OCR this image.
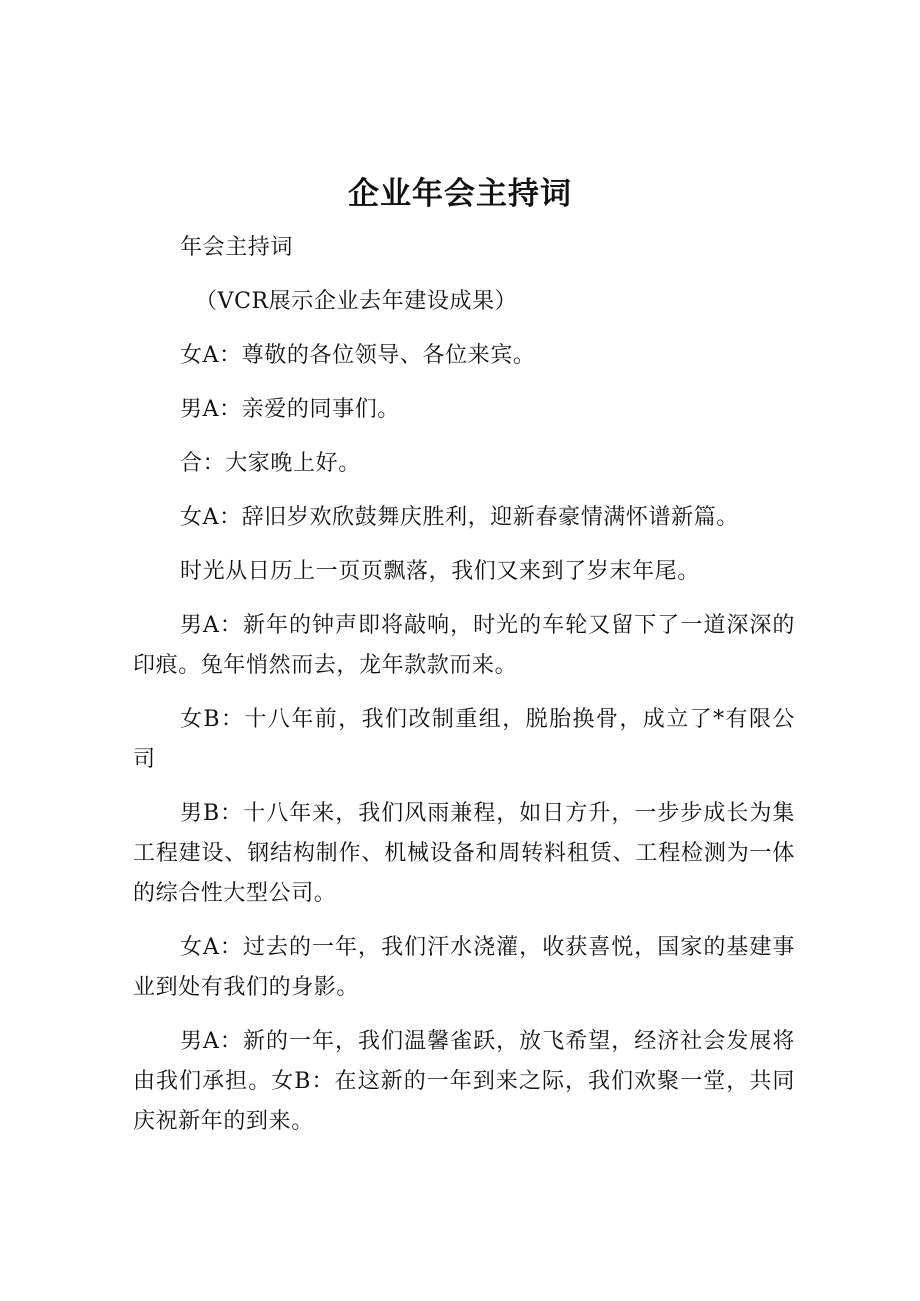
企业年会主持词

年会主持词

（VCR展示企业去年建设成果）

女A：尊敬的各位领导、各位来宾。

男A：亲爱的同事们。

合：大家晚上好。

女A：辞旧岁欢欣鼓舞庆胜利，迎新春豪情满怀谱新篇。

时光从日历上一页页飘落，我们又来到了岁末年尾。

男A：新年的钟声即将敲响，时光的车轮又留下了一道深深的印痕。兔年悄然而去，龙年款款而来。

女B：十八年前，我们改制重组，脱胎换骨，成立了*有限公司

男B：十八年来，我们风雨兼程，如日方升，一步步成长为集工程建设、钢结构制作、机械设备和周转料租赁、工程检测为一体的综合性大型公司。

女A：过去的一年，我们汗水浇灌，收获喜悦，国家的基建事业到处有我们的身影。

男A：新的一年，我们温馨雀跃，放飞希望，经济社会发展将由我们承担。女B：在这新的一年到来之际，我们欢聚一堂，共同庆祝新年的到来。
